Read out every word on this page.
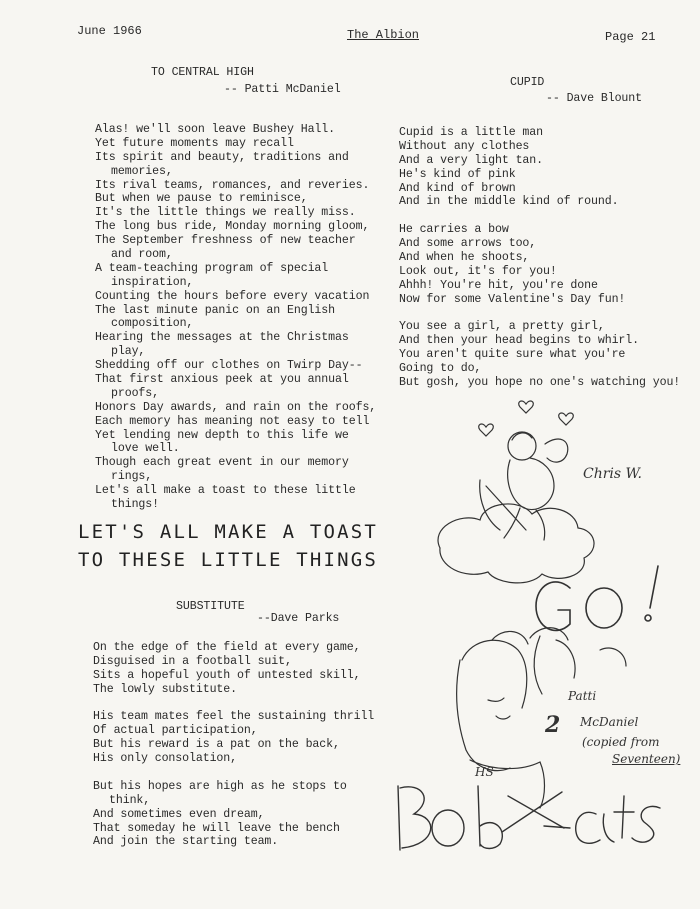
June 1966	The Albion	Page 21
TO CENTRAL HIGH
-- Patti McDaniel
Alas! we'll soon leave Bushey Hall.
Yet future moments may recall
Its spirit and beauty, traditions and
memories,
Its rival teams, romances, and reveries.
But when we pause to reminisce,
It's the little things we really miss.
The long bus ride, Monday morning gloom,
The September freshness of new teacher
and room,
A team-teaching program of special
inspiration,
Counting the hours before every vacation
The last minute panic on an English
composition,
Hearing the messages at the Christmas
play,
Shedding off our clothes on Twirp Day--
That first anxious peek at you annual
proofs,
Honors Day awards, and rain on the roofs,
Each memory has meaning not easy to tell
Yet lending new depth to this life we
love well.
Though each great event in our memory
rings,
Let's all make a toast to these little
things!
LET'S ALL MAKE A TOAST
TO THESE LITTLE THINGS
SUBSTITUTE
--Dave Parks
On the edge of the field at every game,
Disguised in a football suit,
Sits a hopeful youth of untested skill,
The lowly substitute.
His team mates feel the sustaining thrill
Of actual participation,
But his reward is a pat on the back,
His only consolation,
But his hopes are high as he stops to
think,
And sometimes even dream,
That someday he will leave the bench
And join the starting team.
CUPID
-- Dave Blount
Cupid is a little man
Without any clothes
And a very light tan.
He's kind of pink
And kind of brown
And in the middle kind of round.
He carries a bow
And some arrows too,
And when he shoots,
Look out, it's for you!
Ahhh! You're hit, you're done
Now for some Valentine's Day fun!
You see a girl, a pretty girl,
And then your head begins to whirl.
You aren't quite sure what you're
Going to do,
But gosh, you hope no one's watching you!
Chris W.
Patti
McDaniel
(copied from
Seventeen)
HS
2
